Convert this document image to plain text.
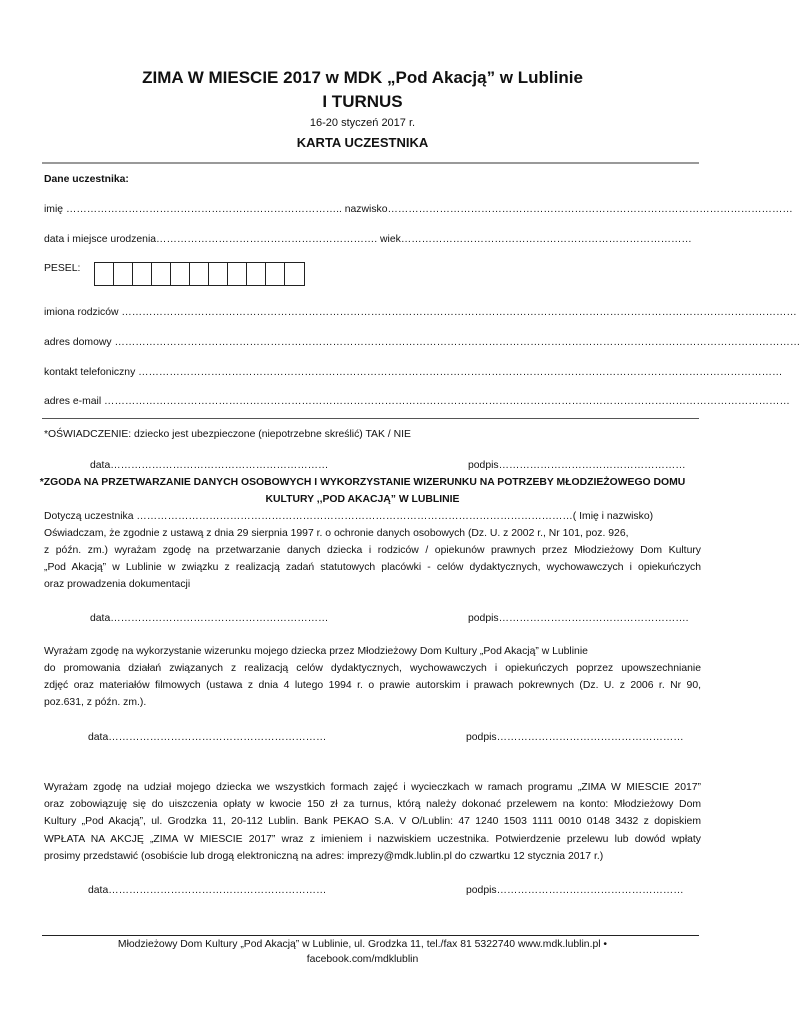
ZIMA W MIESCIE 2017 w MDK „Pod Akacją” w Lublinie
I TURNUS
16-20 styczeń 2017 r.
KARTA UCZESTNIKA
Dane uczestnika:
imię …………………………………………………………………….. nazwisko………………………………………………………………………………………………………
data i miejsce urodzenia………………………………………………………. wiek…………………………………………………………………………
PESEL:
imiona rodziców ……………………………………………………………………………………………………………………………………………………………………………
adres domowy ………………………………………………………………………………………………………………………………………………………………………………
kontakt telefoniczny ……………………………………………………………………………………………………………………………………………………………………
adres e-mail ………………………………………………………………………………………………………………………………………………………………………………
*OŚWIADCZENIE: dziecko jest ubezpieczone (niepotrzebne skreślić) TAK / NIE
data………………………………………………………	podpis………………………………………………
*ZGODA NA PRZETWARZANIE DANYCH OSOBOWYCH I WYKORZYSTANIE WIZERUNKU NA POTRZEBY MŁODZIEŻOWEGO DOMU
KULTURY ,,POD AKACJĄ” W LUBLINIE
Dotyczą uczestnika ………………………………………………………………………………………………………………( Imię i nazwisko)
Oświadczam, że zgodnie z ustawą z dnia 29 sierpnia 1997 r. o ochronie danych osobowych (Dz. U. z 2002 r., Nr 101, poz. 926,
z późn. zm.) wyrażam zgodę na przetwarzanie danych dziecka i rodziców / opiekunów prawnych przez Młodzieżowy Dom Kultury
„Pod Akacją” w Lublinie w związku z realizacją zadań statutowych placówki - celów dydaktycznych, wychowawczych i opiekuńczych
oraz prowadzenia dokumentacji
data………………………………………………………	podpis……………………………………………….
Wyrażam zgodę na wykorzystanie wizerunku mojego dziecka przez Młodzieżowy Dom Kultury „Pod Akacją” w Lublinie
do promowania działań związanych z realizacją celów dydaktycznych, wychowawczych i opiekuńczych poprzez upowszechnianie
zdjęć oraz materiałów filmowych (ustawa z dnia 4 lutego 1994 r. o prawie autorskim i prawach pokrewnych (Dz. U. z 2006 r. Nr 90,
poz.631, z późn. zm.).
data………………………………………………………	podpis………………………………………………
Wyrażam zgodę na udział mojego dziecka we wszystkich formach zajęć i wycieczkach w ramach programu „ZIMA W MIESCIE 2017”
oraz zobowiązuję się do uiszczenia opłaty w kwocie 150 zł za turnus, którą należy dokonać przelewem na konto: Młodzieżowy Dom
Kultury „Pod Akacją”, ul. Grodzka 11, 20-112 Lublin. Bank PEKAO S.A. V O/Lublin: 47 1240 1503 1111 0010 0148 3432 z dopiskiem
WPŁATA NA AKCJĘ „ZIMA W MIESCIE 2017” wraz z imieniem i nazwiskiem uczestnika. Potwierdzenie przelewu lub dowód wpłaty
prosimy przedstawić (osobiście lub drogą elektroniczną na adres: imprezy@mdk.lublin.pl do czwartku 12 stycznia 2017 r.)
data………………………………………………………	podpis………………………………………………
Młodzieżowy Dom Kultury „Pod Akacją” w Lublinie, ul. Grodzka 11, tel./fax 81 5322740 www.mdk.lublin.pl •
facebook.com/mdklublin
